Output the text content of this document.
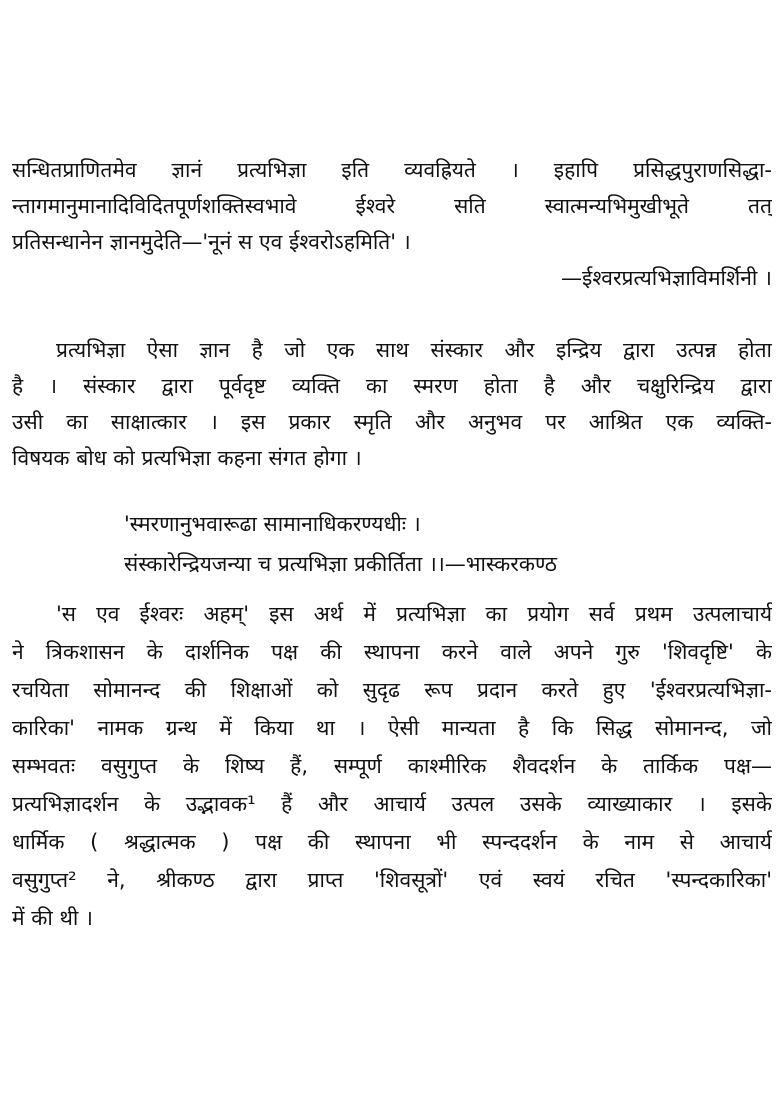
सन्धितप्राणितमेव ज्ञानं प्रत्यभिज्ञा इति व्यवह्रियते । इहापि प्रसिद्धपुराणसिद्धा-
न्तागमानुमानादिविदितपूर्णशक्तिस्वभावे ईश्वरे सति स्वात्मन्यभिमुखीभूते तत्
प्रतिसन्धानेन ज्ञानमुदेति—'नूनं स एव ईश्वरोऽहमिति' ।
—ईश्वरप्रत्यभिज्ञाविमर्शिनी ।
प्रत्यभिज्ञा ऐसा ज्ञान है जो एक साथ संस्कार और इन्द्रिय द्वारा उत्पन्न होता
है । संस्कार द्वारा पूर्वदृष्ट व्यक्ति का स्मरण होता है और चक्षुरिन्द्रिय द्वारा
उसी का साक्षात्कार । इस प्रकार स्मृति और अनुभव पर आश्रित एक व्यक्ति-
विषयक बोध को प्रत्यभिज्ञा कहना संगत होगा ।
'स्मरणानुभवारूढा सामानाधिकरण्यधीः ।
संस्कारेन्द्रियजन्या च प्रत्यभिज्ञा प्रकीर्तिता ।।—भास्करकण्ठ
'स एव ईश्वरः अहम्' इस अर्थ में प्रत्यभिज्ञा का प्रयोग सर्व प्रथम उत्पलाचार्य
ने त्रिकशासन के दार्शनिक पक्ष की स्थापना करने वाले अपने गुरु 'शिवदृष्टि' के
रचयिता सोमानन्द की शिक्षाओं को सुदृढ रूप प्रदान करते हुए 'ईश्वरप्रत्यभिज्ञा-
कारिका' नामक ग्रन्थ में किया था । ऐसी मान्यता है कि सिद्ध सोमानन्द, जो
सम्भवतः वसुगुप्त के शिष्य हैं, सम्पूर्ण काश्मीरिक शैवदर्शन के तार्किक पक्ष—
प्रत्यभिज्ञादर्शन के उद्भावक¹ हैं और आचार्य उत्पल उसके व्याख्याकार । इसके
धार्मिक ( श्रद्धात्मक ) पक्ष की स्थापना भी स्पन्ददर्शन के नाम से आचार्य
वसुगुप्त² ने, श्रीकण्ठ द्वारा प्राप्त 'शिवसूत्रों' एवं स्वयं रचित 'स्पन्दकारिका'
में की थी ।
